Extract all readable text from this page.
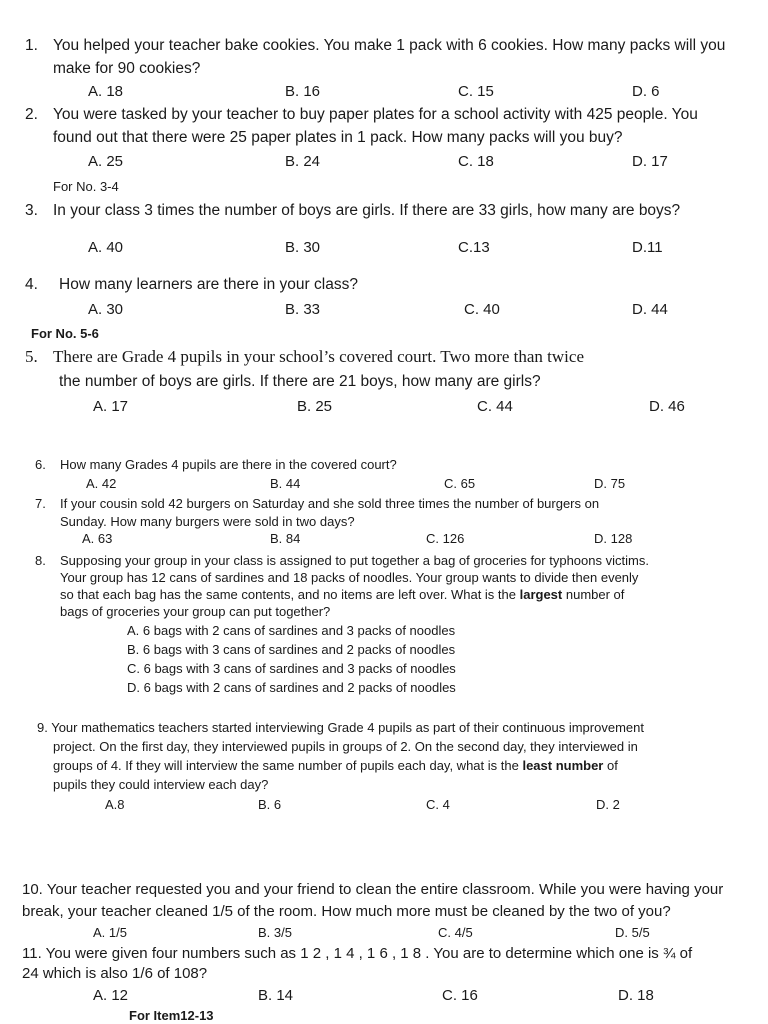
1. You helped your teacher bake cookies. You make 1 pack with 6 cookies. How many packs will you
make for 90 cookies?
A. 18	B. 16	C. 15	D. 6
2. You were tasked by your teacher to buy paper plates for a school activity with 425 people. You
found out that there were 25 paper plates in 1 pack. How many packs will you buy?
A. 25	B. 24	C. 18	D. 17
For No. 3-4
3. In your class 3 times the number of boys are girls. If there are 33 girls, how many are boys?
A. 40	B. 30	C.13	D.11
4. How many learners are there in your class?
A. 30	B. 33	C. 40	D. 44
For No. 5-6
5. There are Grade 4 pupils in your school’s covered court. Two more than twice
the number of boys are girls. If there are 21 boys, how many are girls?
A. 17	B. 25	C. 44	D. 46
6. How many Grades 4 pupils are there in the covered court?
A. 42	B. 44	C. 65	D. 75
7. If your cousin sold 42 burgers on Saturday and she sold three times the number of burgers on
Sunday. How many burgers were sold in two days?
A. 63	B. 84	C. 126	D. 128
8. Supposing your group in your class is assigned to put together a bag of groceries for typhoons victims.
Your group has 12 cans of sardines and 18 packs of noodles. Your group wants to divide then evenly
so that each bag has the same contents, and no items are left over. What is the largest number of
bags of groceries your group can put together?
A. 6 bags with 2 cans of sardines and 3 packs of noodles
B. 6 bags with 3 cans of sardines and 2 packs of noodles
C. 6 bags with 3 cans of sardines and 3 packs of noodles
D. 6 bags with 2 cans of sardines and 2 packs of noodles
9. Your mathematics teachers started interviewing Grade 4 pupils as part of their continuous improvement
project. On the first day, they interviewed pupils in groups of 2. On the second day, they interviewed in
groups of 4. If they will interview the same number of pupils each day, what is the least number of
pupils they could interview each day?
A.8	B. 6	C. 4	D. 2
10. Your teacher requested you and your friend to clean the entire classroom. While you were having your
break, your teacher cleaned 1/5 of the room. How much more must be cleaned by the two of you?
A. 1/5	B. 3/5	C. 4/5	D. 5/5
11. You were given four numbers such as 1 2 , 1 4 , 1 6 , 1 8 . You are to determine which one is ¾ of
24 which is also 1/6 of 108?
A. 12	B. 14	C. 16	D. 18
For Item12-13
